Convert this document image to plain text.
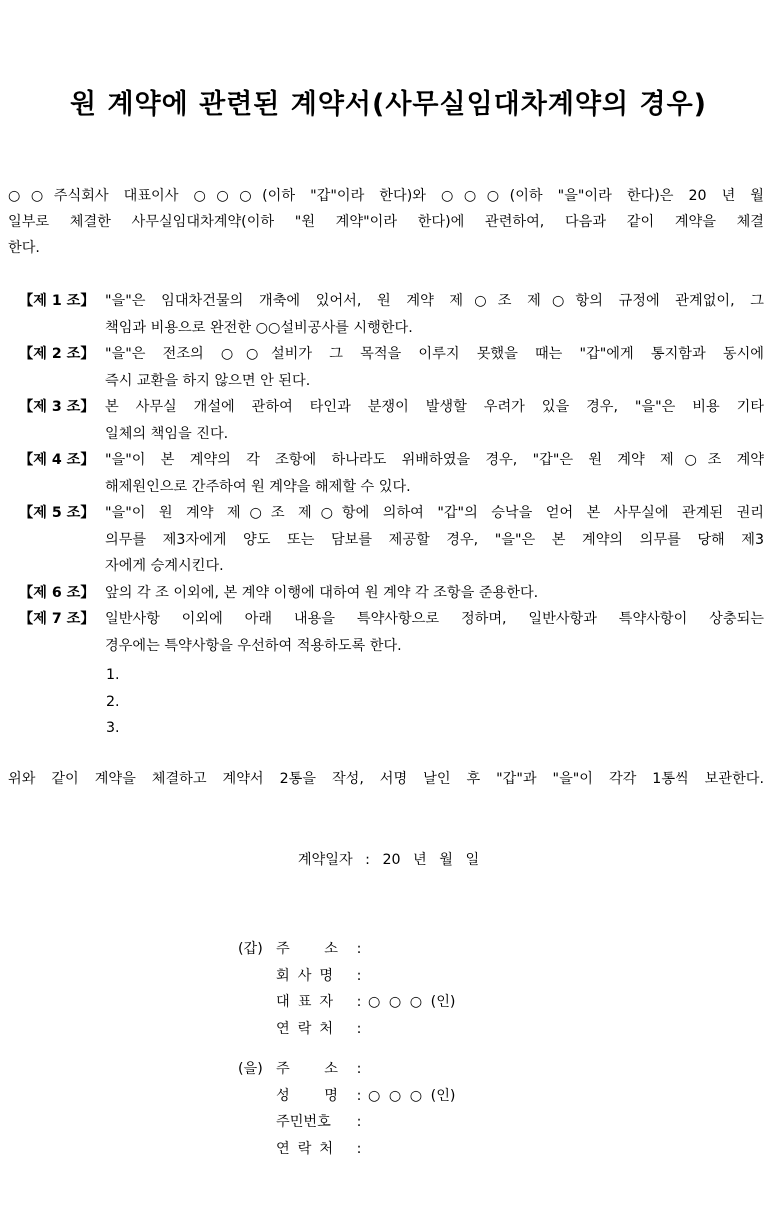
원 계약에 관련된 계약서(사무실임대차계약의 경우)
○○주식회사 대표이사 ○○○(이하 "갑"이라 한다)와 ○○○(이하 "을"이라 한다)은 20 년 월
일부로 체결한 사무실임대차계약(이하 "원 계약"이라 한다)에 관련하여, 다음과 같이 계약을 체결
한다.
【제 1 조】 "을"은 임대차건물의 개축에 있어서, 원 계약 제○조 제○항의 규정에 관계없이, 그
책임과 비용으로 완전한 ○○설비공사를 시행한다.
【제 2 조】 "을"은 전조의 ○○설비가 그 목적을 이루지 못했을 때는 "갑"에게 통지함과 동시에
즉시 교환을 하지 않으면 안 된다.
【제 3 조】 본 사무실 개설에 관하여 타인과 분쟁이 발생할 우려가 있을 경우, "을"은 비용 기타
일체의 책임을 진다.
【제 4 조】 "을"이 본 계약의 각 조항에 하나라도 위배하였을 경우, "갑"은 원 계약 제○조 계약
해제원인으로 간주하여 원 계약을 해제할 수 있다.
【제 5 조】 "을"이 원 계약 제○조 제○항에 의하여 "갑"의 승낙을 얻어 본 사무실에 관계된 권리
의무를 제3자에게 양도 또는 담보를 제공할 경우, "을"은 본 계약의 의무를 당해 제3
자에게 승계시킨다.
【제 6 조】 앞의 각 조 이외에, 본 계약 이행에 대하여 원 계약 각 조항을 준용한다.
【제 7 조】 일반사항 이외에 아래 내용을 특약사항으로 정하며, 일반사항과 특약사항이 상충되는
경우에는 특약사항을 우선하여 적용하도록 한다.
1.
2.
3.
위와 같이 계약을 체결하고 계약서 2통을 작성, 서명 날인 후 "갑"과 "을"이 각각 1통씩 보관한다.
계약일자 : 20 년 월 일
(갑) 주 소	:
회사명	:
대표자	: ○ ○ ○ (인)
연락처	:
(을) 주 소	:
성 명	: ○ ○ ○ (인)
주민번호	:
연락처	:
